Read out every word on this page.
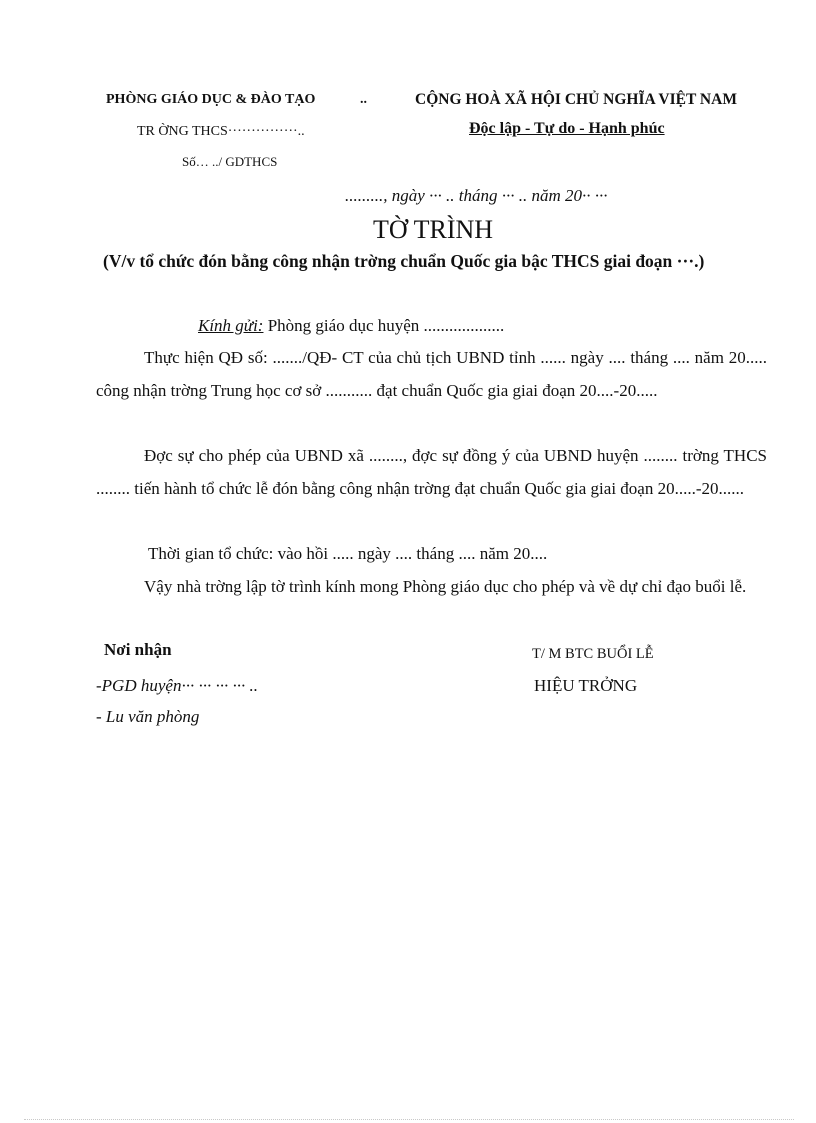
PHÒNG GIÁO DỤC & ĐÀO TẠO	..
TR ỜNG THCS···············..
Số… ../ GDTHCS
CỘNG HOÀ XÃ HỘI CHỦ NGHĨA VIỆT NAM
Độc lập - Tự do - Hạnh phúc
........., ngày ··· .. tháng ··· .. năm 20·· ···
TỜ TRÌNH
(V/v tổ chức đón bằng công nhận trờng chuẩn Quốc gia bậc THCS giai đoạn ···.)
Kính gửi: Phòng giáo dục huyện ...................
Thực hiện QĐ số: ......./QĐ- CT của chủ tịch UBND tỉnh ...... ngày .... tháng .... năm 20..... công nhận trờng Trung học cơ sở ........... đạt chuẩn Quốc gia giai đoạn 20....-20.....
Đợc sự cho phép của UBND xã ........, đợc sự đồng ý của UBND huyện ........ trờng THCS ........ tiến hành tổ chức lễ đón bằng công nhận trờng đạt chuẩn Quốc gia giai đoạn 20.....-20......
Thời gian tổ chức: vào hồi ..... ngày .... tháng .... năm 20....
Vậy nhà trờng lập tờ trình kính mong Phòng giáo dục cho phép và về dự chỉ đạo buổi lễ.
Nơi nhận
-PGD huyện··· ··· ··· ··· ..
- Lu văn phòng
T/ M BTC BUỔI LỄ
HIỆU TRỞNG
